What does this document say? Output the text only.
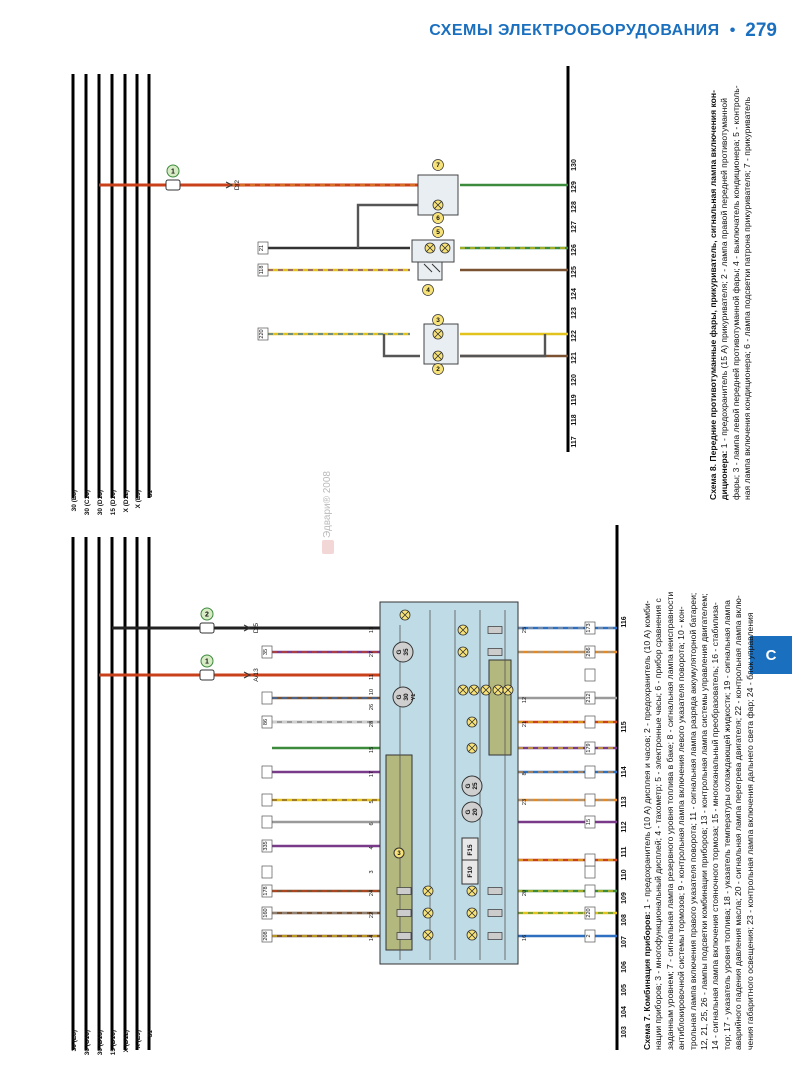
СХЕМЫ ЭЛЕКТРООБОРУДОВАНИЯ • 279
Эдвари® 2008
C
30 (E8)
30 (E8)
30 (C16)
30 (C16)
30 (D13)
30 (D13)
15 (D10)
15 (D10)
X (D12)
X (D12)
X (E9)
X (E9)
31
31
103
104
105
106
107
108
109
110
111
112
113
114
115
116
117
118
119
120
121
122
123
124
125
126
127
128
129
130
1
2
A/13
D/5
208
160
178
335
86
35
2
220
15
179
212
286
173
14
22
24
3
4
6
5
17
15
28
26
10
11
27
13
16
20
23
8
21
12
25
G 30 Y1
G 35
G 20
G 25
F15
F10
3
1
D/2
220
118
21
2
3
4
5
6
7
Схема 7. Комбинация приборов: 1 - предохранитель (10 А) дисплея и часов; 2 - предохранитель (10 А) комби- нации приборов; 3 - многофункциональный дисплей; 4 - тахометр; 5 - электронные часы; 6 - прибор сравнения с заданным уровнем; 7 - сигнальная лампа резервного уровня топлива в баке; 8 - сигнальная лампа неисправности антиблокировочной системы тормозов; 9 - контрольная лампа включения левого указателя поворота; 10 - кон- трольная лампа включения правого указателя поворота; 11 - сигнальная лампа разряда аккумуляторной батареи; 12, 21, 25, 26 - лампы подсветки комбинации приборов; 13 - контрольная лампа системы управления двигателем; 14 - сигнальная лампа включения стояночного тормоза; 15 - многоканальный преобразователь; 16 - стабилиза- тор; 17 - указатель уровня топлива; 18 - указатель температуры охлаждающей жидкости; 19 - сигнальная лампа аварийного падения давления масла; 20 - сигнальная лампа перегрева двигателя; 22 - контрольная лампа вклю- чения габаритного освещения; 23 - контрольная лампа включения дальнего света фар; 24 - блок управления
Схема 8. Передние противотуманные фары, прикуриватель, сигнальная лампа включения кон- диционера: 1 - предохранитель (15 А) прикуривателя; 2 - лампа правой передней противотуманной фары; 3 - лампа левой передней противотуманной фары; 4 - выключатель кондиционера; 5 - контроль- ная лампа включения кондиционера; 6 - лампа подсветки патрона прикуривателя; 7 - прикуриватель
